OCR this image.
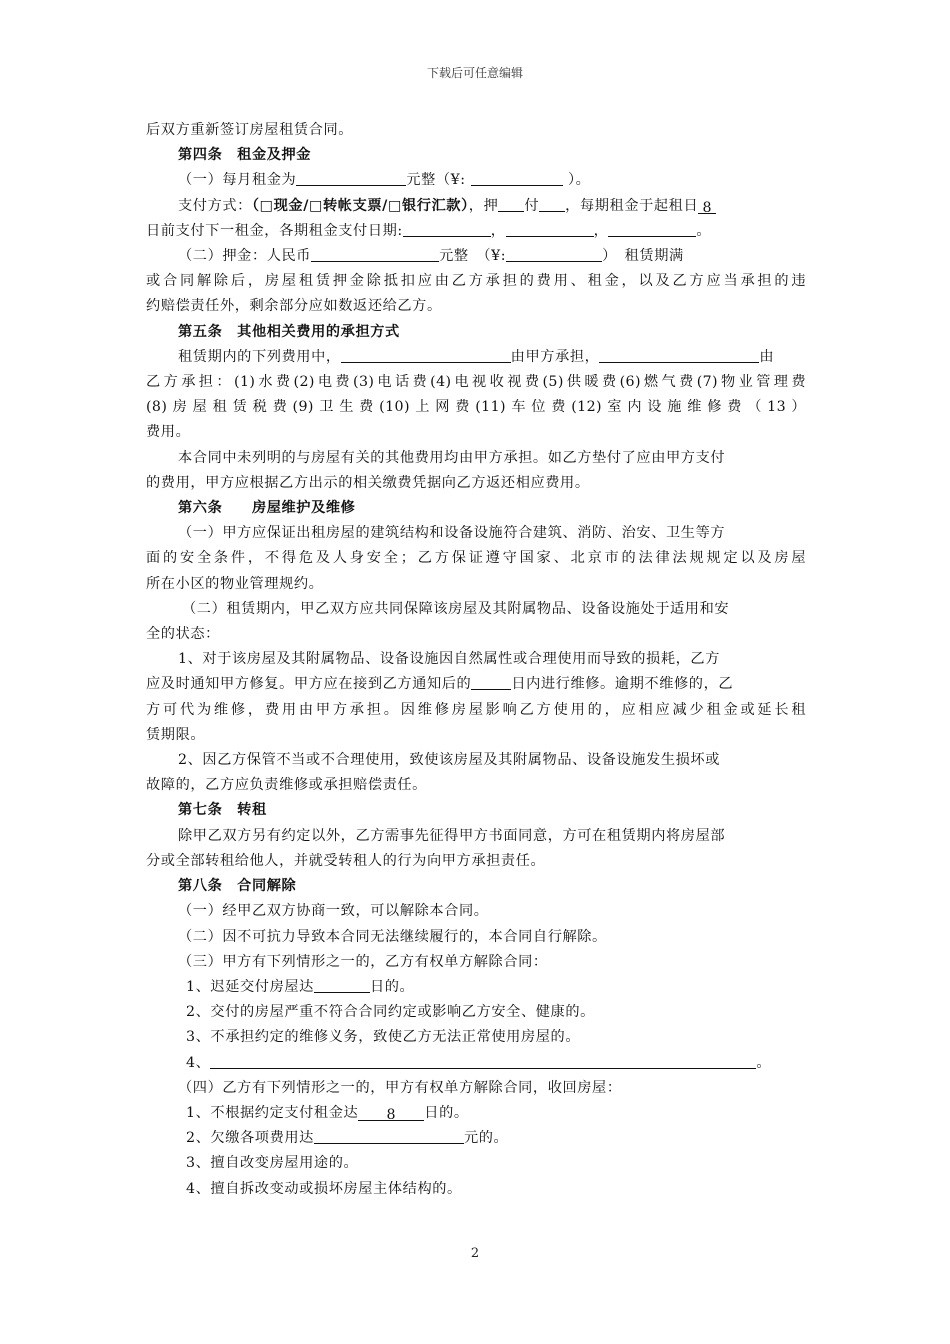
下载后可任意编辑
后双方重新签订房屋租赁合同。
第四条　租金及押金
（一）每月租金为	元整（¥:	）。
支付方式：（□现金/□转帐支票/□银行汇款），押 付 ，每期租金于起租日 8
日前支付下一租金，各期租金支付日期:	，	，	。
（二）押金：人民币	元整　（¥:	）　租赁期满
或合同解除后，房屋租赁押金除抵扣应由乙方承担的费用、租金，以及乙方应当承担的违
约赔偿责任外，剩余部分应如数返还给乙方。
第五条　其他相关费用的承担方式
租赁期内的下列费用中，	由甲方承担，	由
乙方承担：(1)水费(2)电费(3)电话费(4)电视收视费(5)供暖费(6)燃气费(7)物业管理费
(8)房屋租赁税费(9)卫生费(10)上网费(11)车位费(12)室内设施维修费（13）
费用。
本合同中未列明的与房屋有关的其他费用均由甲方承担。如乙方垫付了应由甲方支付
的费用，甲方应根据乙方出示的相关缴费凭据向乙方返还相应费用。
第六条　　房屋维护及维修
（一）甲方应保证出租房屋的建筑结构和设备设施符合建筑、消防、治安、卫生等方
面的安全条件，不得危及人身安全；乙方保证遵守国家、北京市的法律法规规定以及房屋
所在小区的物业管理规约。
（二）租赁期内，甲乙双方应共同保障该房屋及其附属物品、设备设施处于适用和安
全的状态：
1、对于该房屋及其附属物品、设备设施因自然属性或合理使用而导致的损耗，乙方
应及时通知甲方修复。甲方应在接到乙方通知后的	日内进行维修。逾期不维修的，乙
方可代为维修，费用由甲方承担。因维修房屋影响乙方使用的，应相应减少租金或延长租
赁期限。
2、因乙方保管不当或不合理使用，致使该房屋及其附属物品、设备设施发生损坏或
故障的，乙方应负责维修或承担赔偿责任。
第七条　转租
除甲乙双方另有约定以外，乙方需事先征得甲方书面同意，方可在租赁期内将房屋部
分或全部转租给他人，并就受转租人的行为向甲方承担责任。
第八条　合同解除
（一）经甲乙双方协商一致，可以解除本合同。
（二）因不可抗力导致本合同无法继续履行的，本合同自行解除。
（三）甲方有下列情形之一的，乙方有权单方解除合同：
1、迟延交付房屋达	日的。
2、交付的房屋严重不符合合同约定或影响乙方安全、健康的。
3、不承担约定的维修义务，致使乙方无法正常使用房屋的。
4、	。
（四）乙方有下列情形之一的，甲方有权单方解除合同，收回房屋：
1、不根据约定支付租金达 8 日的。
2、欠缴各项费用达	元的。
3、擅自改变房屋用途的。
4、擅自拆改变动或损坏房屋主体结构的。
2
